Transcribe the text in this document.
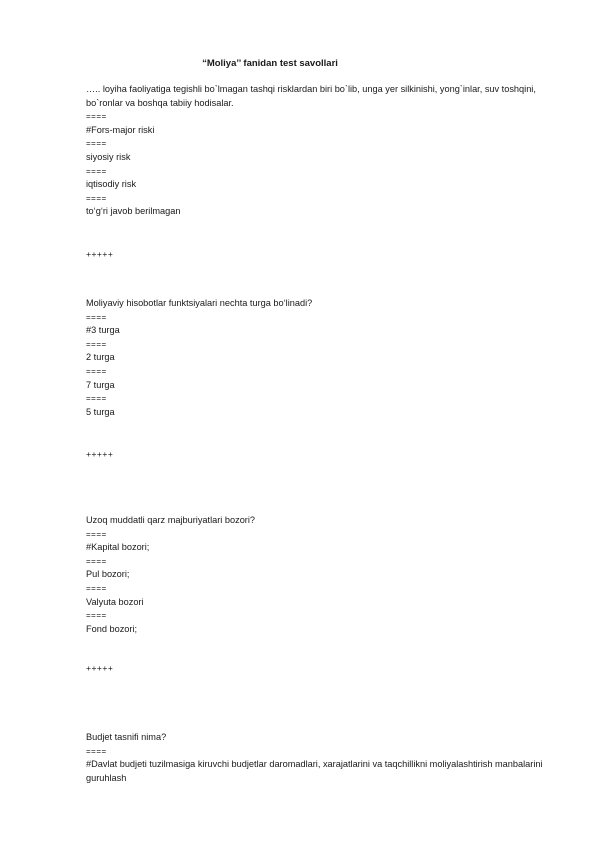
“Moliya’’ fanidan test savollari
….. loyiha faoliyatiga tegishli bo`lmagan tashqi risklardan biri bo`lib, unga yer silkinishi, yong`inlar, suv toshqini, bo`ronlar va boshqa tabiiy hodisalar.
====
#Fors-major riski
====
siyosiy risk
====
iqtisodiy risk
====
to‘g‘ri javob berilmagan
+++++
Moliyaviy hisobotlar funktsiyalari nechta turga bo‘linadi?
====
#3 turga
====
2 turga
====
7 turga
====
5 turga
+++++
Uzoq muddatli qarz majburiyatlari bozori?
====
#Kapital bozori;
====
Pul bozori;
====
Valyuta bozori
====
Fond bozori;
+++++
Budjet tasnifi nima?
====
#Davlat budjeti tuzilmasiga kiruvchi budjetlar daromadlari, xarajatlarini va taqchillikni moliyalashtirish manbalarini guruhlash
